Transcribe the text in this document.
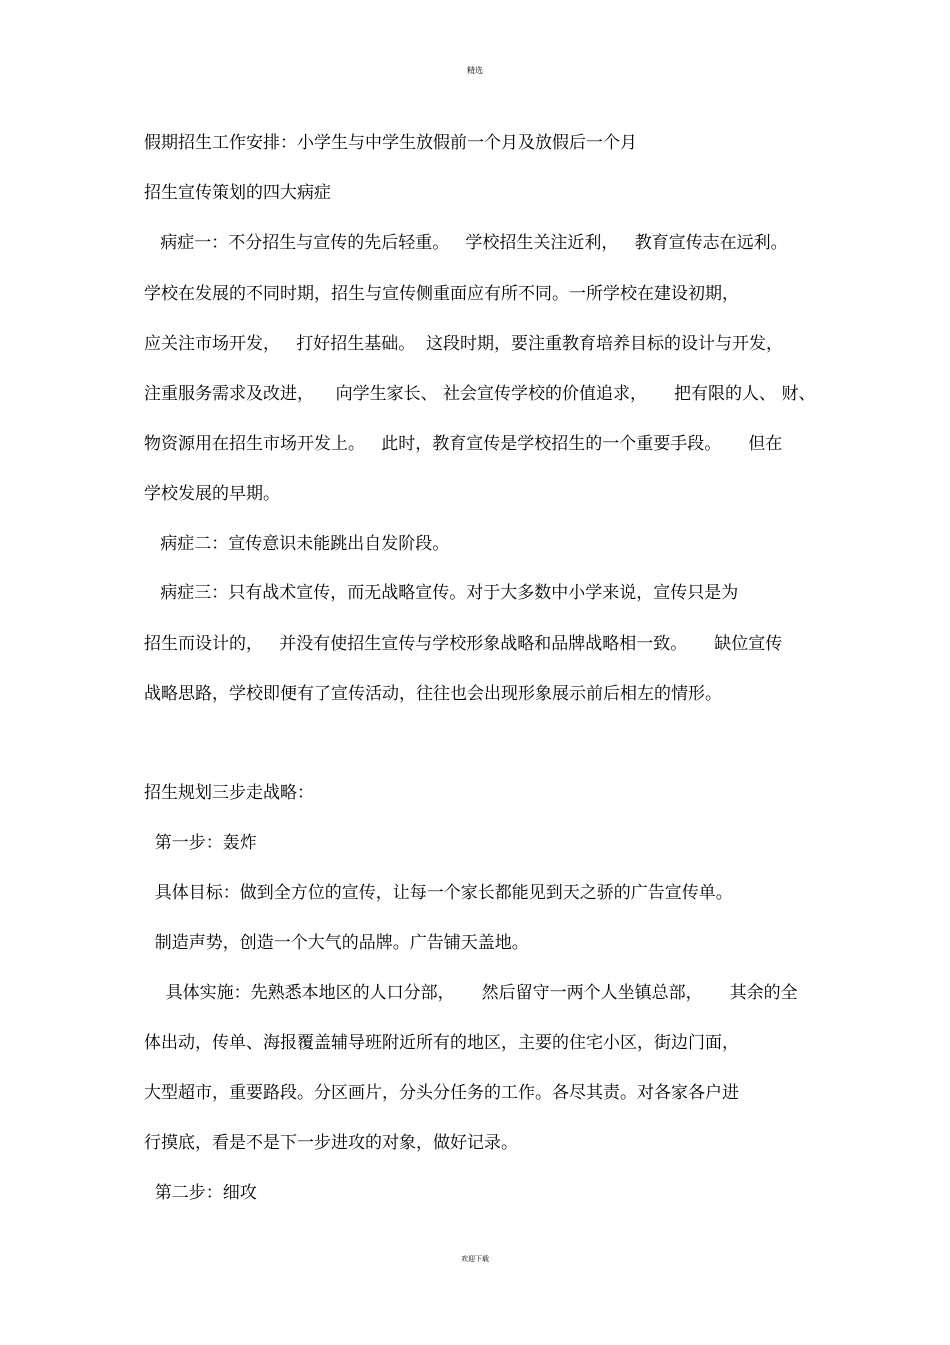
精选
假期招生工作安排：小学生与中学生放假前一个月及放假后一个月
招生宣传策划的四大病症
病症一：不分招生与宣传的先后轻重。   学校招生关注近利，   教育宣传志在远利。
学校在发展的不同时期，招生与宣传侧重面应有所不同。一所学校在建设初期，
应关注市场开发，   打好招生基础。  这段时期，要注重教育培养目标的设计与开发，
注重服务需求及改进，    向学生家长、 社会宣传学校的价值追求，     把有限的人、 财、
物资源用在招生市场开发上。   此时，教育宣传是学校招生的一个重要手段。     但在
学校发展的早期。
病症二：宣传意识未能跳出自发阶段。
病症三：只有战术宣传，而无战略宣传。对于大多数中小学来说，宣传只是为
招生而设计的，   并没有使招生宣传与学校形象战略和品牌战略相一致。     缺位宣传
战略思路，学校即便有了宣传活动，往往也会出现形象展示前后相左的情形。
招生规划三步走战略：
第一步：轰炸
具体目标：做到全方位的宣传，让每一个家长都能见到天之骄的广告宣传单。
制造声势，创造一个大气的品牌。广告铺天盖地。
具体实施：先熟悉本地区的人口分部，     然后留守一两个人坐镇总部，     其余的全
体出动，传单、海报覆盖辅导班附近所有的地区，主要的住宅小区，街边门面，
大型超市，重要路段。分区画片，分头分任务的工作。各尽其责。对各家各户进
行摸底，看是不是下一步进攻的对象，做好记录。
第二步：细攻
欢迎下载
